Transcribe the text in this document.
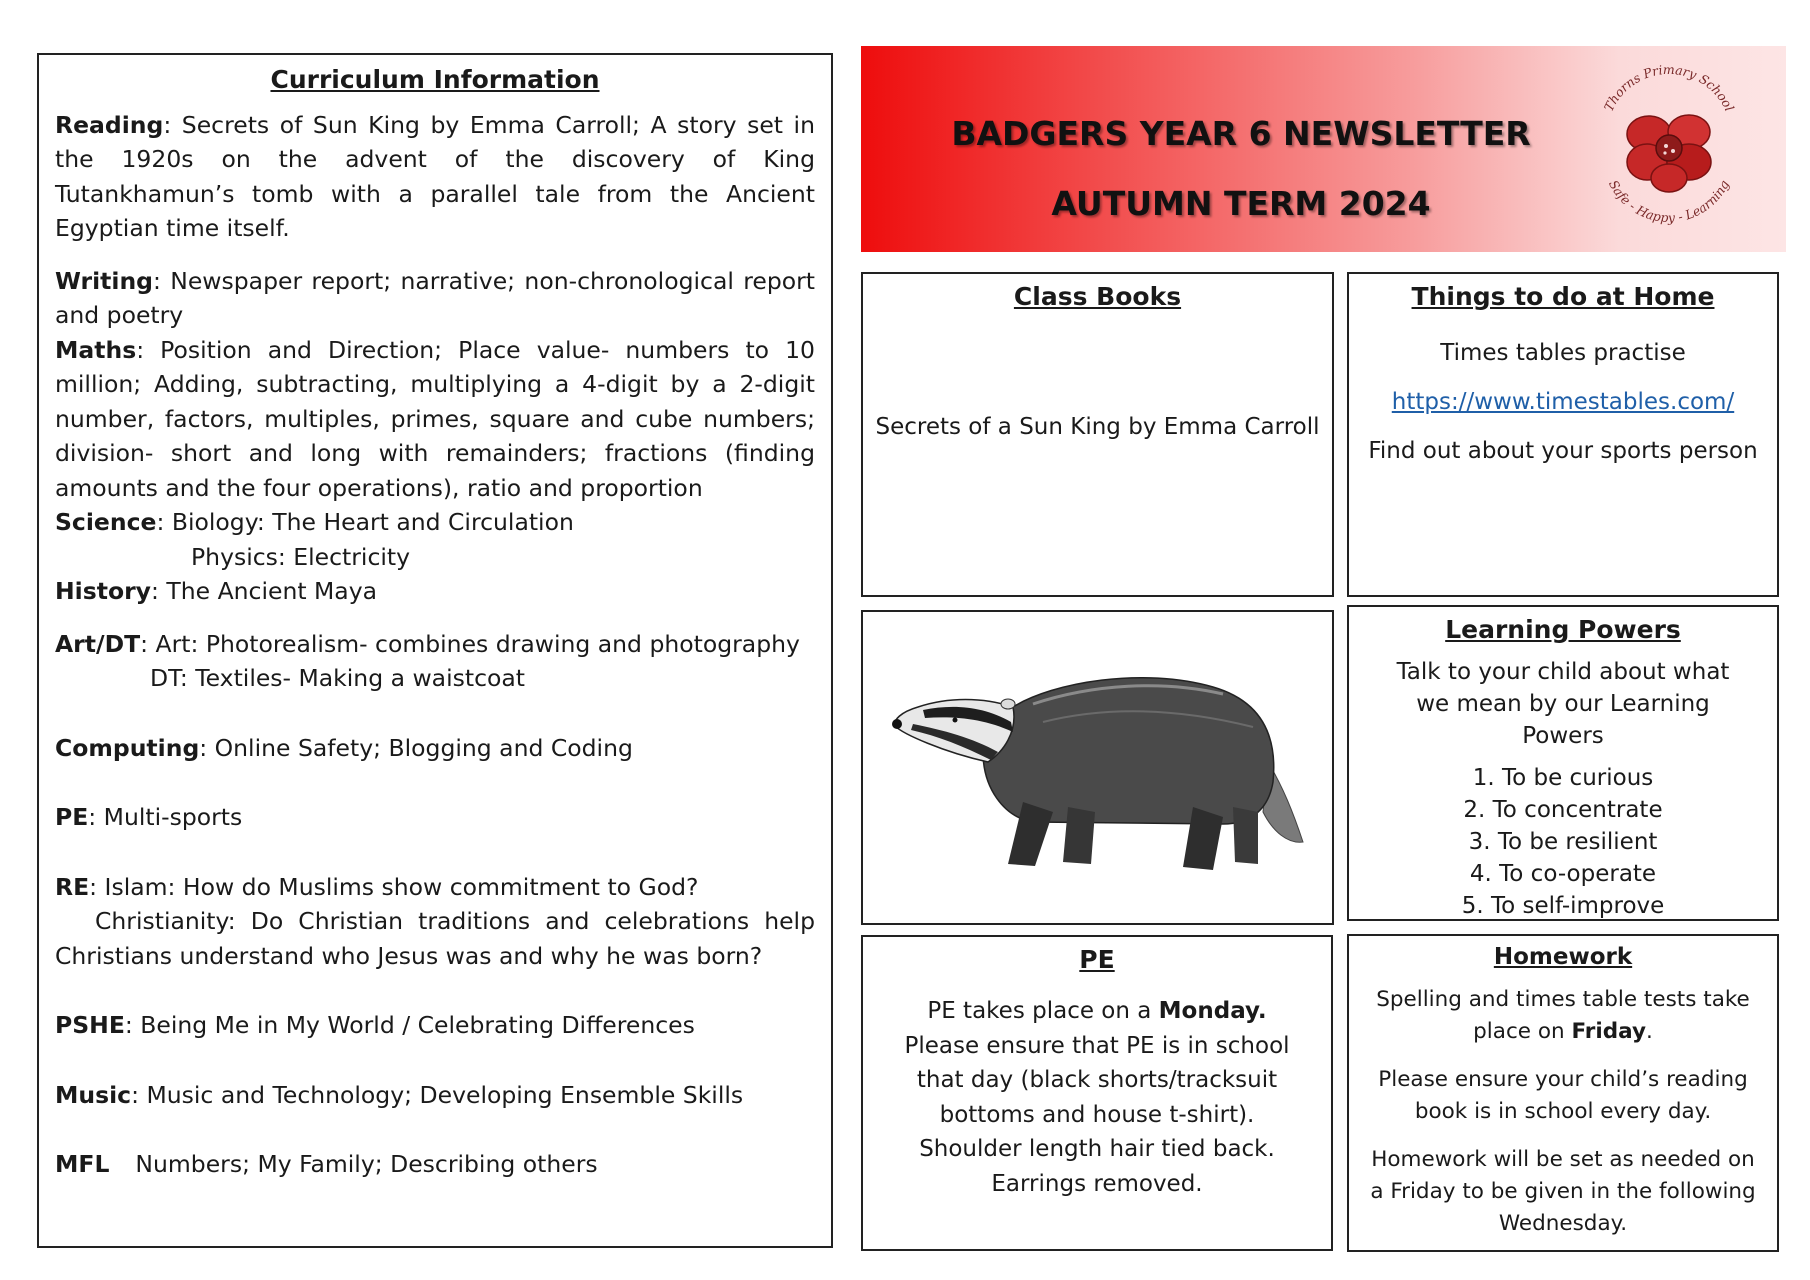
Curriculum Information

Reading: Secrets of Sun King by Emma Carroll; A story set in the 1920s on the advent of the discovery of King Tutankhamun’s tomb with a parallel tale from the Ancient Egyptian time itself.

Writing: Newspaper report; narrative; non-chronological report and poetry

Maths: Position and Direction; Place value- numbers to 10 million; Adding, subtracting, multiplying a 4-digit by a 2-digit number, factors, multiples, primes, square and cube numbers; division- short and long with remainders; fractions (finding amounts and the four operations), ratio and proportion

Science: Biology: The Heart and Circulation

Physics: Electricity

History: The Ancient Maya

Art/DT: Art: Photorealism- combines drawing and photography

DT: Textiles- Making a waistcoat

Computing: Online Safety; Blogging and Coding

PE: Multi-sports

RE: Islam: How do Muslims show commitment to God?

Christianity: Do Christian traditions and celebrations help Christians understand who Jesus was and why he was born?

PSHE: Being Me in My World / Celebrating Differences

Music: Music and Technology; Developing Ensemble Skills

MFL Numbers; My Family; Describing others

BADGERS YEAR 6 NEWSLETTER
AUTUMN TERM 2024
Thorns Primary School
Safe - Happy - Learning
Class Books
Secrets of a Sun King by Emma Carroll
Things to do at Home
Times tables practise
https://www.timestables.com/
Find out about your sports person
Learning Powers
Talk to your child about what we mean by our Learning Powers
1. To be curious
2. To concentrate
3. To be resilient
4. To co-operate
5. To self-improve
PE
PE takes place on a Monday.
Please ensure that PE is in school that day (black shorts/tracksuit bottoms and house t-shirt).
Shoulder length hair tied back.
Earrings removed.
Homework
Spelling and times table tests take place on Friday.
Please ensure your child’s reading book is in school every day.
Homework will be set as needed on a Friday to be given in the following Wednesday.
